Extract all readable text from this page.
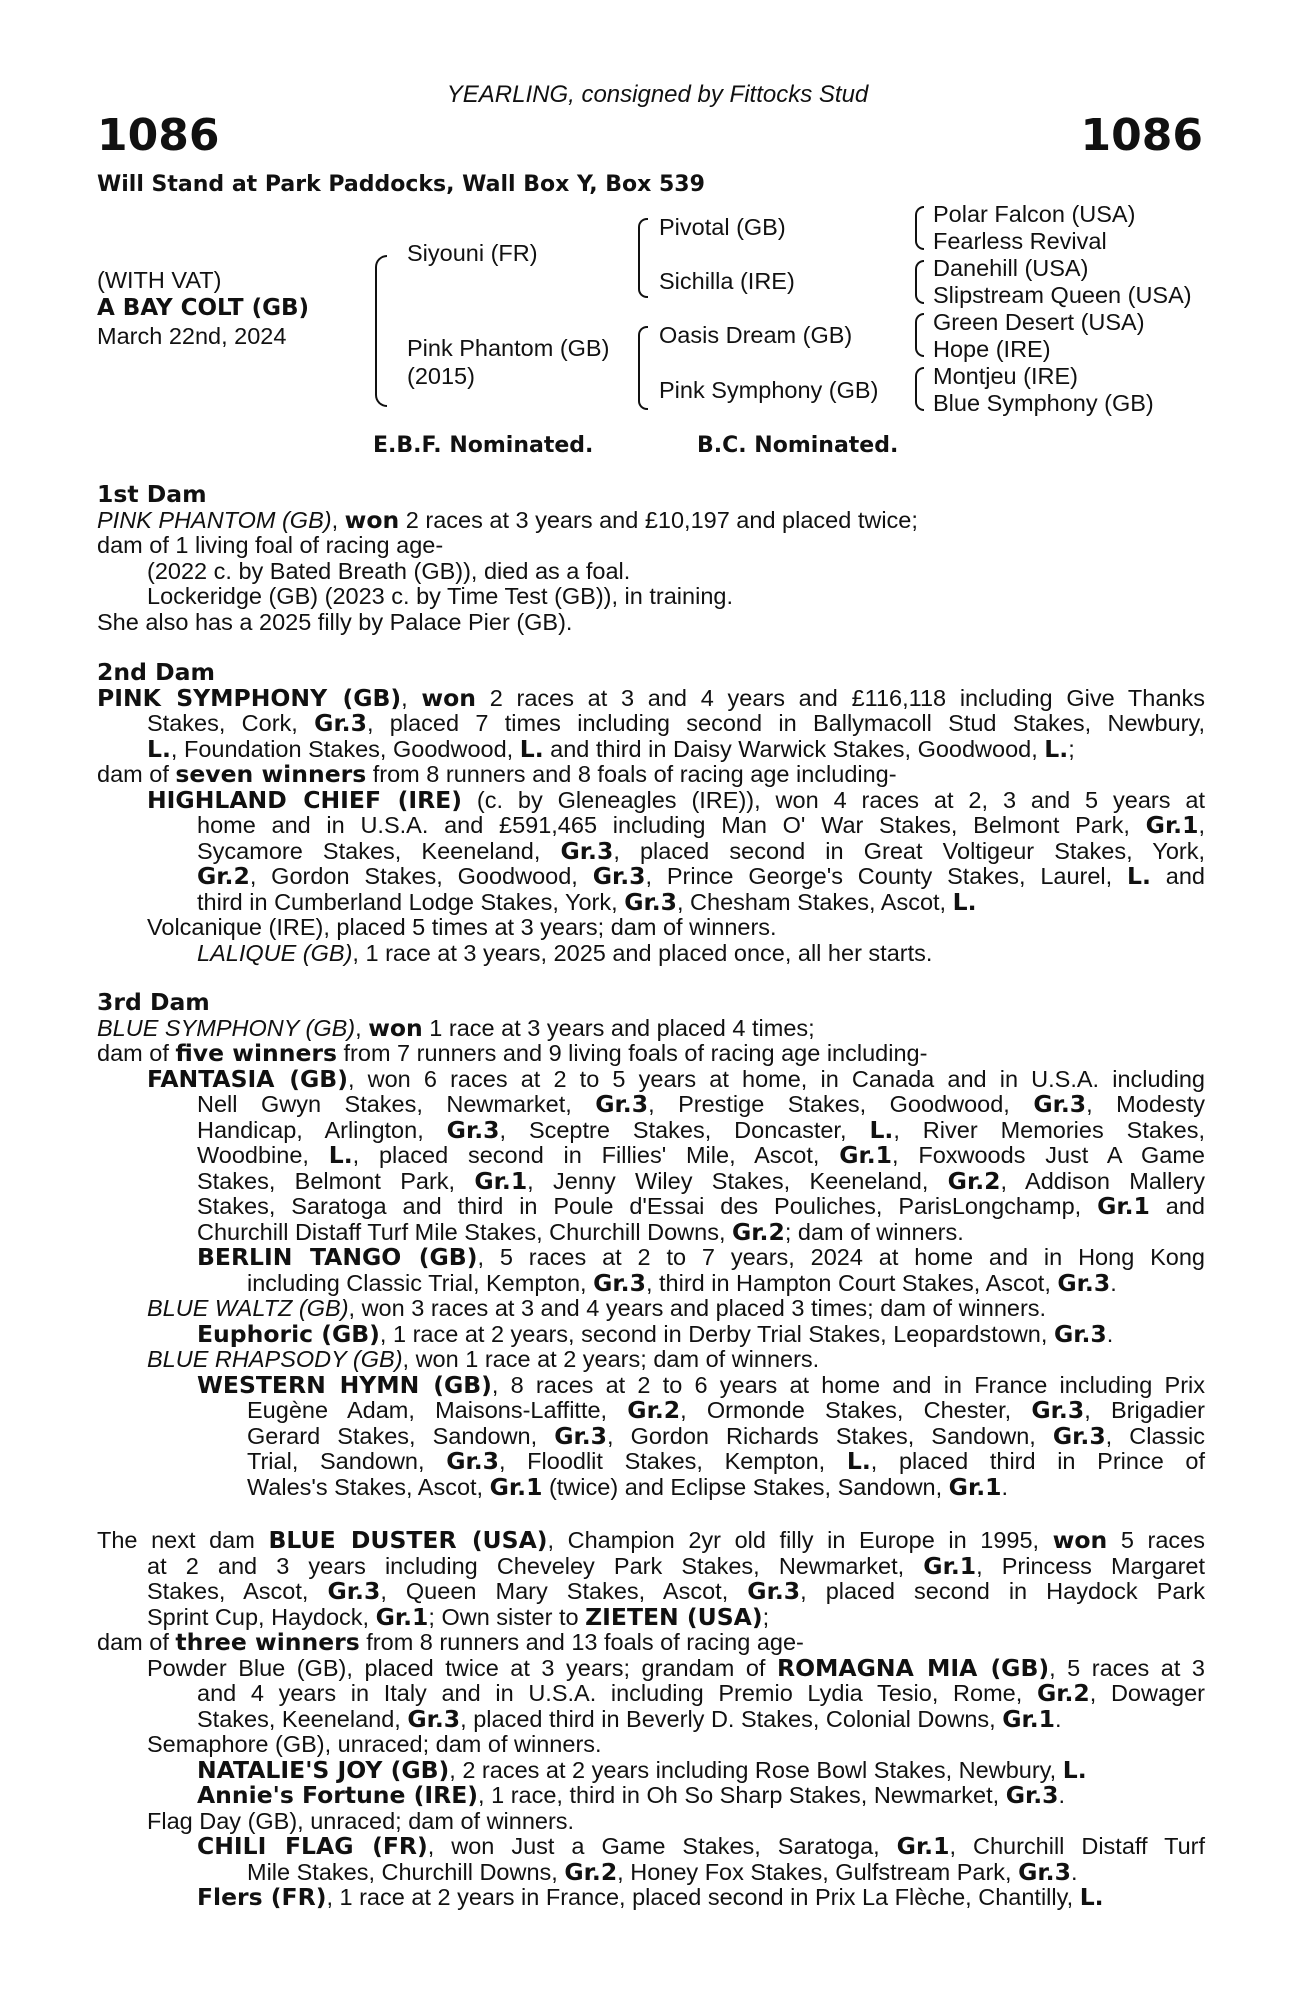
YEARLING, consigned by Fittocks Stud
1086	1086
Will Stand at Park Paddocks, Wall Box Y, Box 539
(WITH VAT)
A BAY COLT (GB)
March 22nd, 2024
Siyouni (FR)
Pink Phantom (GB)
(2015)
Pivotal (GB)
Sichilla (IRE)
Oasis Dream (GB)
Pink Symphony (GB)
Polar Falcon (USA)
Fearless Revival
Danehill (USA)
Slipstream Queen (USA)
Green Desert (USA)
Hope (IRE)
Montjeu (IRE)
Blue Symphony (GB)
E.B.F. Nominated.	B.C. Nominated.
1st Dam
PINK PHANTOM (GB), won 2 races at 3 years and £10,197 and placed twice;
dam of 1 living foal of racing age-
(2022 c. by Bated Breath (GB)), died as a foal.
Lockeridge (GB) (2023 c. by Time Test (GB)), in training.
She also has a 2025 filly by Palace Pier (GB).
2nd Dam
PINK SYMPHONY (GB), won 2 races at 3 and 4 years and £116,118 including Give Thanks
Stakes, Cork, Gr.3, placed 7 times including second in Ballymacoll Stud Stakes, Newbury,
L., Foundation Stakes, Goodwood, L. and third in Daisy Warwick Stakes, Goodwood, L.;
dam of seven winners from 8 runners and 8 foals of racing age including-
HIGHLAND CHIEF (IRE) (c. by Gleneagles (IRE)), won 4 races at 2, 3 and 5 years at
home and in U.S.A. and £591,465 including Man O' War Stakes, Belmont Park, Gr.1,
Sycamore Stakes, Keeneland, Gr.3, placed second in Great Voltigeur Stakes, York,
Gr.2, Gordon Stakes, Goodwood, Gr.3, Prince George's County Stakes, Laurel, L. and
third in Cumberland Lodge Stakes, York, Gr.3, Chesham Stakes, Ascot, L.
Volcanique (IRE), placed 5 times at 3 years; dam of winners.
LALIQUE (GB), 1 race at 3 years, 2025 and placed once, all her starts.
3rd Dam
BLUE SYMPHONY (GB), won 1 race at 3 years and placed 4 times;
dam of five winners from 7 runners and 9 living foals of racing age including-
FANTASIA (GB), won 6 races at 2 to 5 years at home, in Canada and in U.S.A. including
Nell Gwyn Stakes, Newmarket, Gr.3, Prestige Stakes, Goodwood, Gr.3, Modesty
Handicap, Arlington, Gr.3, Sceptre Stakes, Doncaster, L., River Memories Stakes,
Woodbine, L., placed second in Fillies' Mile, Ascot, Gr.1, Foxwoods Just A Game
Stakes, Belmont Park, Gr.1, Jenny Wiley Stakes, Keeneland, Gr.2, Addison Mallery
Stakes, Saratoga and third in Poule d'Essai des Pouliches, ParisLongchamp, Gr.1 and
Churchill Distaff Turf Mile Stakes, Churchill Downs, Gr.2; dam of winners.
BERLIN TANGO (GB), 5 races at 2 to 7 years, 2024 at home and in Hong Kong
including Classic Trial, Kempton, Gr.3, third in Hampton Court Stakes, Ascot, Gr.3.
BLUE WALTZ (GB), won 3 races at 3 and 4 years and placed 3 times; dam of winners.
Euphoric (GB), 1 race at 2 years, second in Derby Trial Stakes, Leopardstown, Gr.3.
BLUE RHAPSODY (GB), won 1 race at 2 years; dam of winners.
WESTERN HYMN (GB), 8 races at 2 to 6 years at home and in France including Prix
Eugène Adam, Maisons-Laffitte, Gr.2, Ormonde Stakes, Chester, Gr.3, Brigadier
Gerard Stakes, Sandown, Gr.3, Gordon Richards Stakes, Sandown, Gr.3, Classic
Trial, Sandown, Gr.3, Floodlit Stakes, Kempton, L., placed third in Prince of
Wales's Stakes, Ascot, Gr.1 (twice) and Eclipse Stakes, Sandown, Gr.1.
The next dam BLUE DUSTER (USA), Champion 2yr old filly in Europe in 1995, won 5 races
at 2 and 3 years including Cheveley Park Stakes, Newmarket, Gr.1, Princess Margaret
Stakes, Ascot, Gr.3, Queen Mary Stakes, Ascot, Gr.3, placed second in Haydock Park
Sprint Cup, Haydock, Gr.1; Own sister to ZIETEN (USA);
dam of three winners from 8 runners and 13 foals of racing age-
Powder Blue (GB), placed twice at 3 years; grandam of ROMAGNA MIA (GB), 5 races at 3
and 4 years in Italy and in U.S.A. including Premio Lydia Tesio, Rome, Gr.2, Dowager
Stakes, Keeneland, Gr.3, placed third in Beverly D. Stakes, Colonial Downs, Gr.1.
Semaphore (GB), unraced; dam of winners.
NATALIE'S JOY (GB), 2 races at 2 years including Rose Bowl Stakes, Newbury, L.
Annie's Fortune (IRE), 1 race, third in Oh So Sharp Stakes, Newmarket, Gr.3.
Flag Day (GB), unraced; dam of winners.
CHILI FLAG (FR), won Just a Game Stakes, Saratoga, Gr.1, Churchill Distaff Turf
Mile Stakes, Churchill Downs, Gr.2, Honey Fox Stakes, Gulfstream Park, Gr.3.
Flers (FR), 1 race at 2 years in France, placed second in Prix La Flèche, Chantilly, L.
